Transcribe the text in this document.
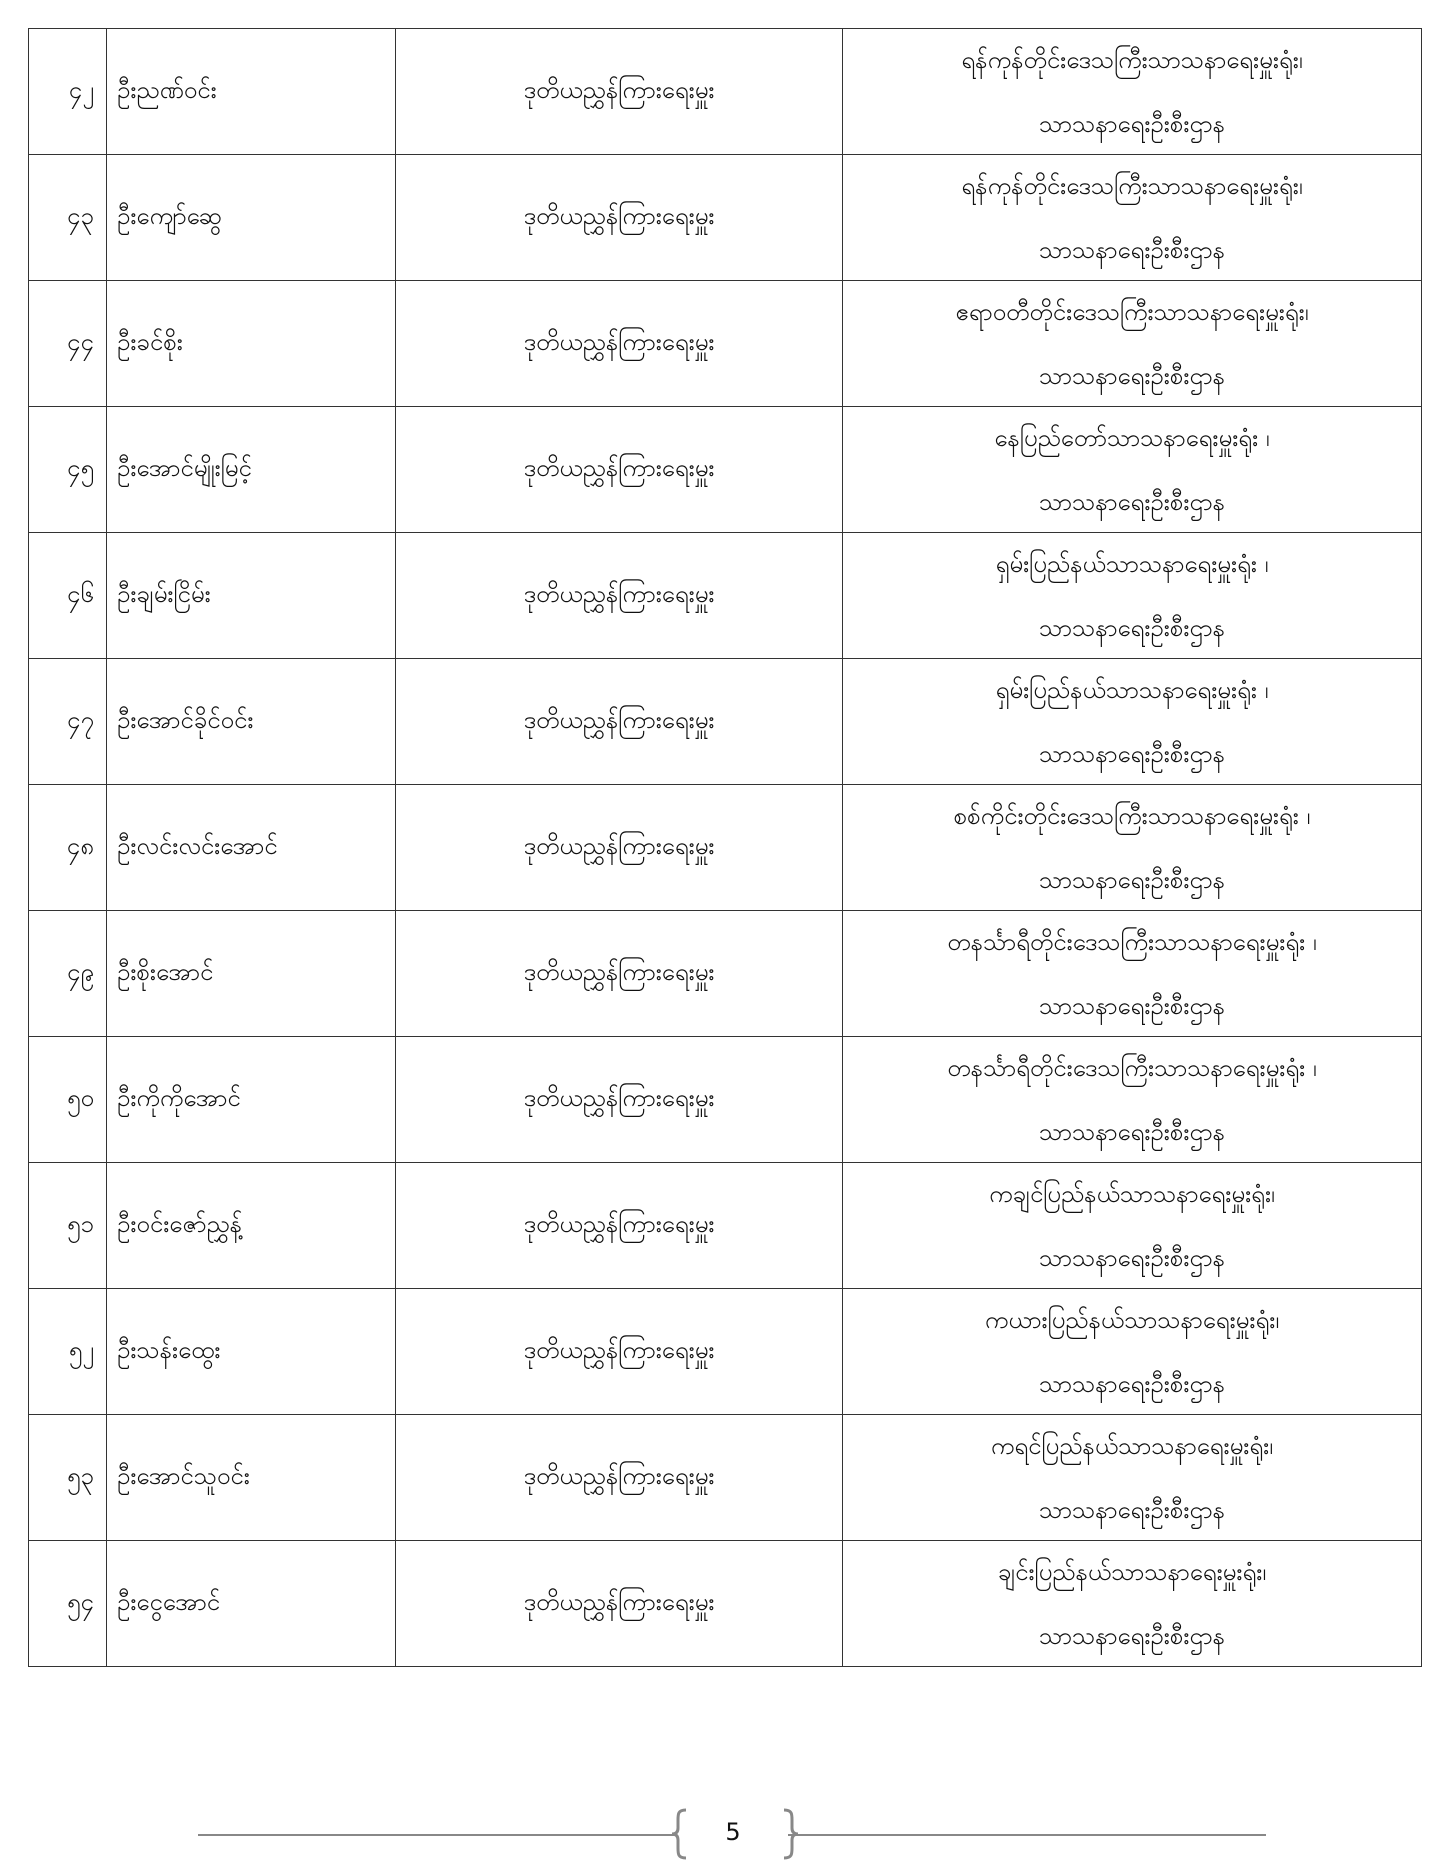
၄၂	ဦးညဏ်ဝင်း	ဒုတိယညွှန်ကြားရေးမှူး	ရန်ကုန်တိုင်းဒေသကြီးသာသနာရေးမှူးရုံး၊
သာသနာရေးဦးစီးဌာန

၄၃	ဦးကျော်ဆွေ	ဒုတိယညွှန်ကြားရေးမှူး	ရန်ကုန်တိုင်းဒေသကြီးသာသနာရေးမှူးရုံး၊
သာသနာရေးဦးစီးဌာန

၄၄	ဦးခင်စိုး	ဒုတိယညွှန်ကြားရေးမှူး	ဧရာဝတီတိုင်းဒေသကြီးသာသနာရေးမှူးရုံး၊
သာသနာရေးဦးစီးဌာန

၄၅	ဦးအောင်မျိုးမြင့်	ဒုတိယညွှန်ကြားရေးမှူး	နေပြည်တော်သာသနာရေးမှူးရုံး ၊
သာသနာရေးဦးစီးဌာန

၄၆	ဦးချမ်းငြိမ်း	ဒုတိယညွှန်ကြားရေးမှူး	ရှမ်းပြည်နယ်သာသနာရေးမှူးရုံး ၊
သာသနာရေးဦးစီးဌာန

၄၇	ဦးအောင်ခိုင်ဝင်း	ဒုတိယညွှန်ကြားရေးမှူး	ရှမ်းပြည်နယ်သာသနာရေးမှူးရုံး ၊
သာသနာရေးဦးစီးဌာန

၄၈	ဦးလင်းလင်းအောင်	ဒုတိယညွှန်ကြားရေးမှူး	စစ်ကိုင်းတိုင်းဒေသကြီးသာသနာရေးမှူးရုံး ၊
သာသနာရေးဦးစီးဌာန

၄၉	ဦးစိုးအောင်	ဒုတိယညွှန်ကြားရေးမှူး	တနင်္သာရီတိုင်းဒေသကြီးသာသနာရေးမှူးရုံး ၊
သာသနာရေးဦးစီးဌာန

၅၀	ဦးကိုကိုအောင်	ဒုတိယညွှန်ကြားရေးမှူး	တနင်္သာရီတိုင်းဒေသကြီးသာသနာရေးမှူးရုံး ၊
သာသနာရေးဦးစီးဌာန

၅၁	ဦးဝင်းဇော်ညွှန့်	ဒုတိယညွှန်ကြားရေးမှူး	ကချင်ပြည်နယ်သာသနာရေးမှူးရုံး၊
သာသနာရေးဦးစီးဌာန

၅၂	ဦးသန်းထွေး	ဒုတိယညွှန်ကြားရေးမှူး	ကယားပြည်နယ်သာသနာရေးမှူးရုံး၊
သာသနာရေးဦးစီးဌာန

၅၃	ဦးအောင်သူဝင်း	ဒုတိယညွှန်ကြားရေးမှူး	ကရင်ပြည်နယ်သာသနာရေးမှူးရုံး၊
သာသနာရေးဦးစီးဌာန

၅၄	ဦးငွေအောင်	ဒုတိယညွှန်ကြားရေးမှူး	ချင်းပြည်နယ်သာသနာရေးမှူးရုံး၊
သာသနာရေးဦးစီးဌာန
5
